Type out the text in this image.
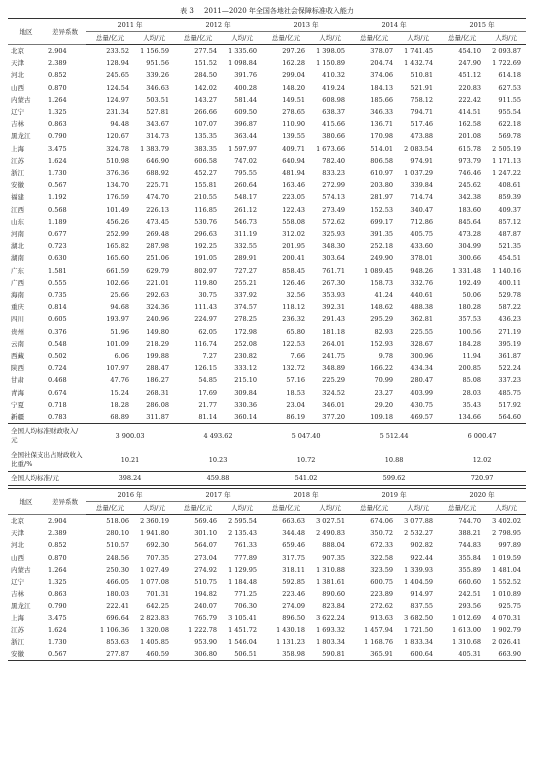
表 3 2011—2020 年全国各地社会保障标准收入能力
地区	差异系数	2011 年		2012 年		2013 年		2014 年		2015 年	
		总量/亿元	人均/元	总量/亿元	人均/元	总量/亿元	人均/元	总量/亿元	人均/元	总量/亿元	人均/元
北京	2.904	233.52	1 156.59	277.54	1 335.60	297.26	1 398.05	378.07	1 741.45	454.10	2 093.87
天津	2.389	128.94	951.56	151.52	1 098.84	162.28	1 150.89	204.74	1 432.74	247.90	1 722.69
河北	0.852	245.65	339.26	284.50	391.76	299.04	410.32	374.06	510.81	451.12	614.18
山西	0.870	124.54	346.63	142.02	400.28	148.20	419.24	184.13	521.91	220.83	627.53
内蒙古	1.264	124.97	503.51	143.27	581.44	149.51	608.98	185.66	758.12	222.42	911.55
辽宁	1.325	231.34	527.81	266.66	609.50	278.65	638.37	346.33	794.71	414.51	955.54
吉林	0.863	94.48	343.67	107.07	396.87	110.90	415.66	136.71	517.46	162.58	622.18
黑龙江	0.790	120.67	314.73	135.35	363.44	139.55	380.66	170.98	473.88	201.08	569.78
上海	3.475	324.78	1 383.79	383.35	1 597.97	409.71	1 673.66	514.01	2 083.54	615.78	2 505.19
江苏	1.624	510.98	646.90	606.58	747.02	640.94	782.40	806.58	974.91	973.79	1 171.13
浙江	1.730	376.36	688.92	452.27	795.55	481.94	833.23	610.97	1 037.29	746.46	1 247.22
安徽	0.567	134.70	225.71	155.81	260.64	163.46	272.99	203.80	339.84	245.62	408.61
福建	1.192	176.59	474.70	210.55	548.17	223.05	574.13	281.97	714.74	342.38	859.39
江西	0.568	101.49	226.13	116.85	261.12	122.43	273.49	152.53	340.47	183.60	409.37
山东	1.189	456.26	473.45	530.76	546.73	558.08	572.62	699.17	712.86	845.64	857.12
河南	0.677	252.99	269.48	296.63	311.19	312.02	325.93	391.35	405.75	473.28	487.87
湖北	0.723	165.82	287.98	192.25	332.55	201.95	348.30	252.18	433.60	304.99	521.35
湖南	0.630	165.60	251.06	191.05	289.91	200.41	303.64	249.90	378.01	300.66	454.51
广东	1.581	661.59	629.79	802.97	727.27	858.45	761.71	1 089.45	948.26	1 331.48	1 140.16
广西	0.555	102.66	221.01	119.80	255.21	126.46	267.30	158.73	332.76	192.49	400.11
海南	0.735	25.66	292.63	30.75	337.92	32.56	353.93	41.24	440.61	50.06	529.78
重庆	0.814	94.68	324.36	111.43	374.57	118.12	392.31	148.62	488.38	180.28	587.22
四川	0.605	193.97	240.96	224.97	278.25	236.32	291.43	295.29	362.81	357.53	436.23
贵州	0.376	51.96	149.80	62.05	172.98	65.80	181.18	82.93	225.55	100.56	271.19
云南	0.548	101.09	218.29	116.74	252.08	122.53	264.01	152.93	328.67	184.28	395.19
西藏	0.502	6.06	199.88	7.27	230.82	7.66	241.75	9.78	300.96	11.94	361.87
陕西	0.724	107.97	288.47	126.15	333.12	132.72	348.89	166.22	434.34	200.85	522.24
甘肃	0.468	47.76	186.27	54.85	215.10	57.16	225.29	70.99	280.47	85.08	337.23
青海	0.674	15.24	268.31	17.69	309.84	18.53	324.52	23.27	403.99	28.03	485.75
宁夏	0.718	18.28	286.08	21.77	330.36	23.04	346.01	29.20	430.75	35.43	517.92
新疆	0.783	68.89	311.87	81.14	360.14	86.19	377.20	109.18	469.57	134.66	564.60
全国人均标准财政收入/元		3 900.03		4 493.62		5 047.40		5 512.44		6 000.47	
全国社保支出占财政收入比重/%		10.21		10.23		10.72		10.88		12.02	
全国人均标准/元		398.24		459.88		541.02		599.62		720.97	
地区	差异系数	2016 年		2017 年		2018 年		2019 年		2020 年	
		总量/亿元	人均/元	总量/亿元	人均/元	总量/亿元	人均/元	总量/亿元	人均/元	总量/亿元	人均/元
北京	2.904	518.06	2 360.19	569.46	2 595.54	663.63	3 027.51	674.06	3 077.88	744.70	3 402.02
天津	2.389	280.10	1 941.80	301.10	2 135.43	344.48	2 490.83	350.72	2 532.27	388.21	2 798.95
河北	0.852	510.57	692.30	564.07	761.33	659.46	888.04	672.33	902.82	744.83	997.89
山西	0.870	248.56	707.35	273.04	777.89	317.75	907.35	322.58	922.44	355.84	1 019.59
内蒙古	1.264	250.30	1 027.49	274.92	1 129.95	318.11	1 310.88	323.59	1 339.93	355.89	1 481.04
辽宁	1.325	466.05	1 077.08	510.75	1 184.48	592.85	1 381.61	600.75	1 404.59	660.60	1 552.52
吉林	0.863	180.03	701.31	194.82	771.25	223.46	890.60	223.89	914.97	242.51	1 010.89
黑龙江	0.790	222.41	642.25	240.07	706.30	274.09	823.84	272.62	837.55	293.56	925.75
上海	3.475	696.64	2 823.83	765.79	3 105.41	896.50	3 622.24	913.63	3 682.50	1 012.69	4 070.31
江苏	1.624	1 106.36	1 320.08	1 222.78	1 451.72	1 430.18	1 693.32	1 457.94	1 721.50	1 613.00	1 902.79
浙江	1.730	853.63	1 405.85	953.90	1 546.04	1 131.23	1 803.34	1 168.76	1 833.34	1 310.68	2 026.41
安徽	0.567	277.87	460.59	306.80	506.51	358.98	590.81	365.91	600.64	405.31	663.90
